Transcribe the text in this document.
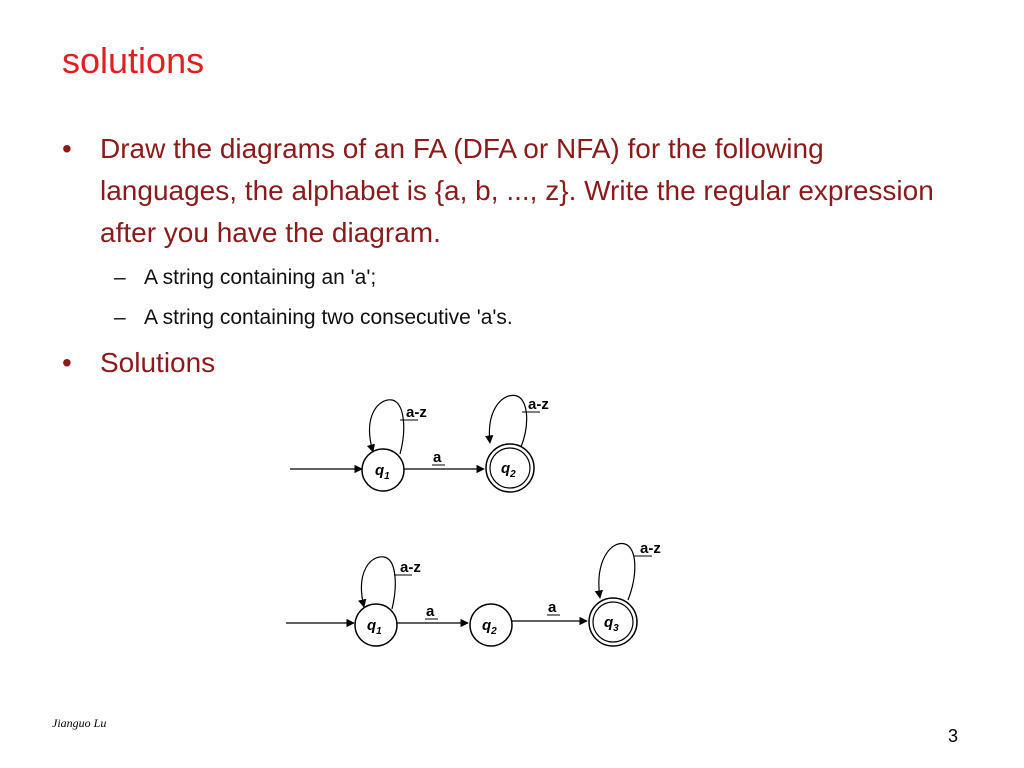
solutions
• Draw the diagrams of an FA (DFA or NFA) for the following languages, the alphabet is {a, b, ..., z}. Write the regular expression after you have the diagram.
– A string containing an 'a';
– A string containing two consecutive 'a's.
• Solutions
$q_1$	$q_2$
a
a-z	a-z
$q_1$	$q_2$
$q_3$
a	a
a-z
a-z
Jianguo Lu
3
